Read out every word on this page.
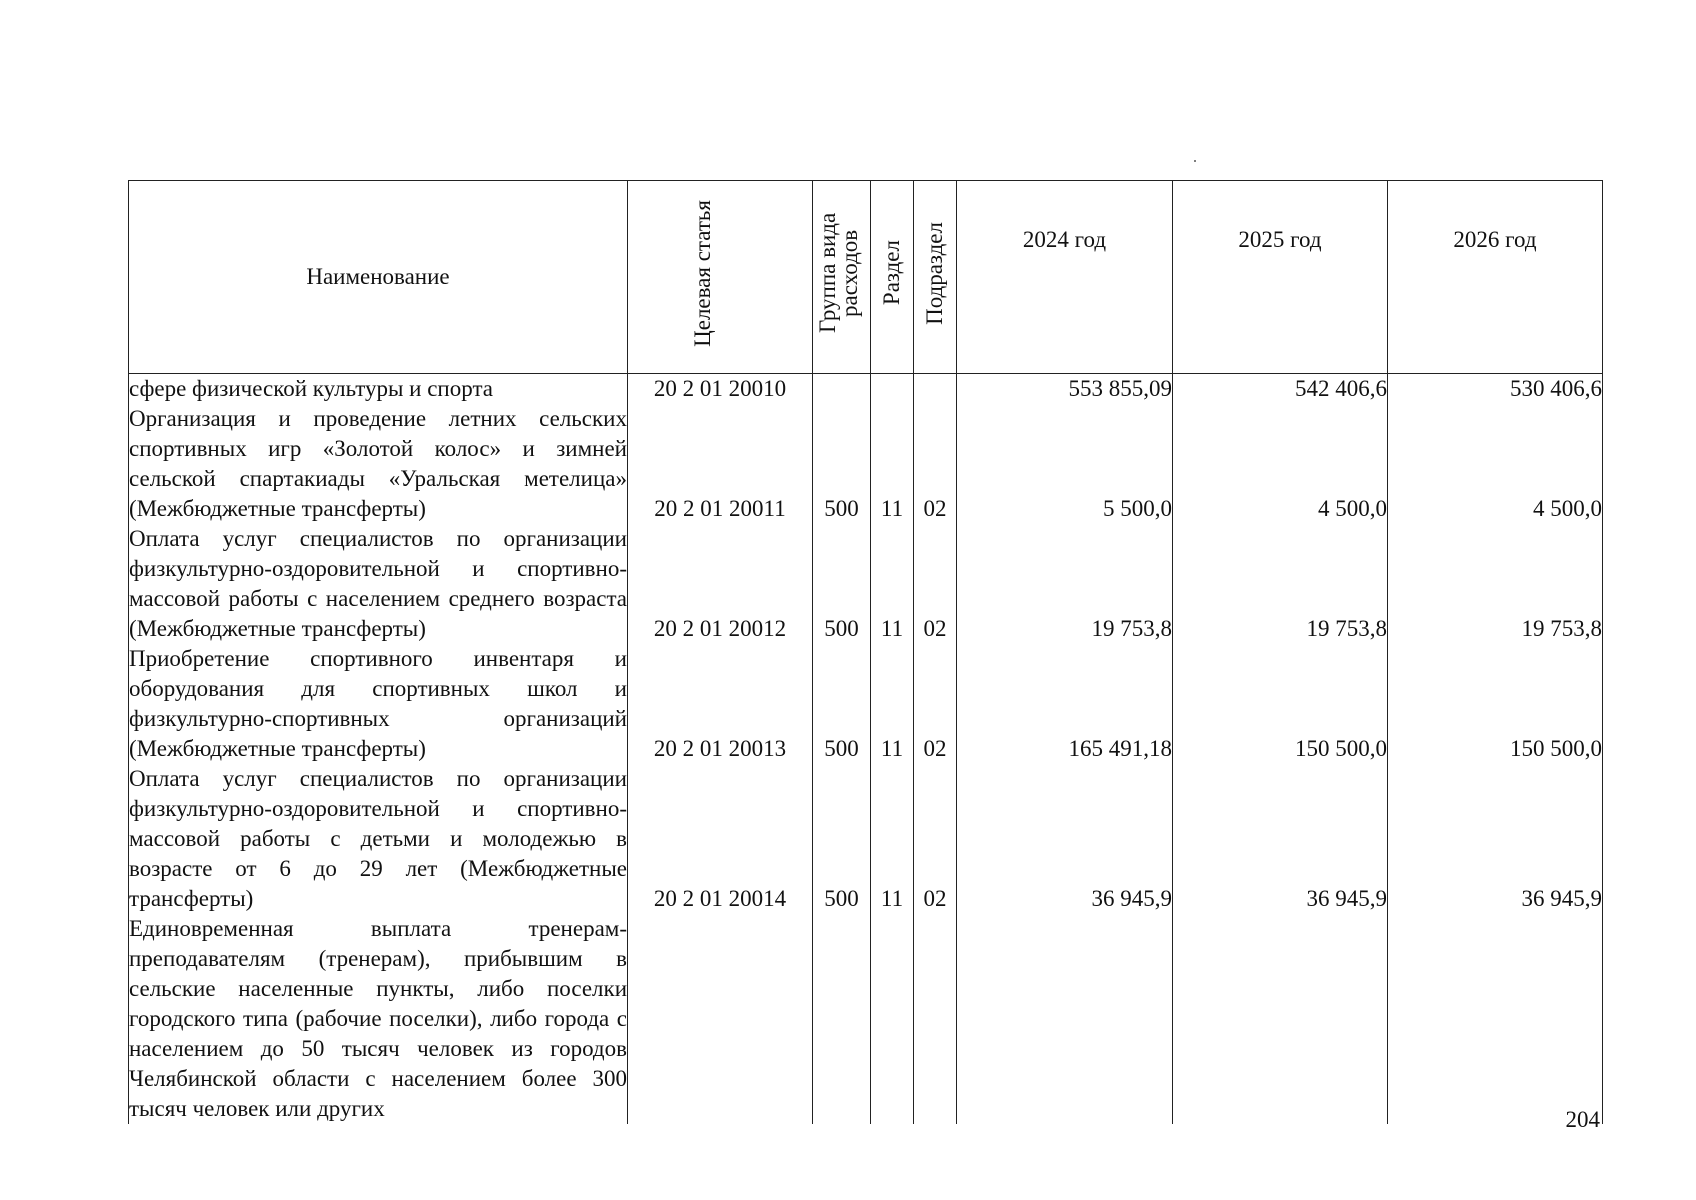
Наименование	Целевая статья	Группа вида расходов	Раздел	Подраздел	2024 год	2025 год	2026 год
сфере физической культуры и спорта	20 2 01 20010				553 855,09	542 406,6	530 406,6
Организация и проведение летних сельских спортивных игр «Золотой колос» и зимней сельской спартакиады «Уральская метелица» (Межбюджетные трансферты)	20 2 01 20011	500	11	02	5 500,0	4 500,0	4 500,0
Оплата услуг специалистов по организации физкультурно-оздоровительной и спортивно-массовой работы с населением среднего возраста (Межбюджетные трансферты)	20 2 01 20012	500	11	02	19 753,8	19 753,8	19 753,8
Приобретение спортивного инвентаря и оборудования для спортивных школ и физкультурно-спортивных организаций (Межбюджетные трансферты)	20 2 01 20013	500	11	02	165 491,18	150 500,0	150 500,0
Оплата услуг специалистов по организации физкультурно-оздоровительной и спортивно-массовой работы с детьми и молодежью в возрасте от 6 до 29 лет (Межбюджетные трансферты)	20 2 01 20014	500	11	02	36 945,9	36 945,9	36 945,9
Единовременная выплата тренерам-преподавателям (тренерам), прибывшим в сельские населенные пункты, либо поселки городского типа (рабочие поселки), либо города с населением до 50 тысяч человек из городов Челябинской области с населением более 300 тысяч человек или других								204
